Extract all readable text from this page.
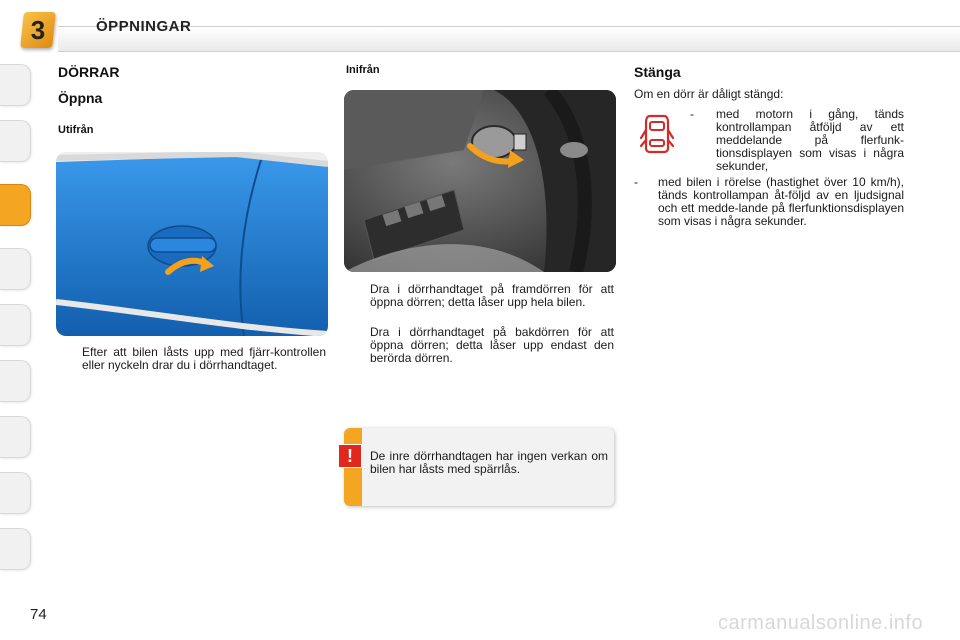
3	ÖPPNINGAR
DÖRRAR
Öppna
Utifrån
Efter att bilen låsts upp med fjärr-kontrollen eller nyckeln drar du i dörrhandtaget.
Inifrån
Dra i dörrhandtaget på framdörren för att öppna dörren; detta låser upp hela bilen.
Dra i dörrhandtaget på bakdörren för att öppna dörren; detta låser upp endast den berörda dörren.
!	De inre dörrhandtagen har ingen verkan om bilen har låsts med spärrlås.
Stänga
Om en dörr är dåligt stängd:
-	med motorn i gång, tänds kontrollampan åtföljd av ett meddelande på flerfunk-tionsdisplayen som visas i några sekunder,
-	med bilen i rörelse (hastighet över 10 km/h), tänds kontrollampan åt-följd av en ljudsignal och ett medde-lande på flerfunktionsdisplayen som visas i några sekunder.
74	carmanualsonline.info
